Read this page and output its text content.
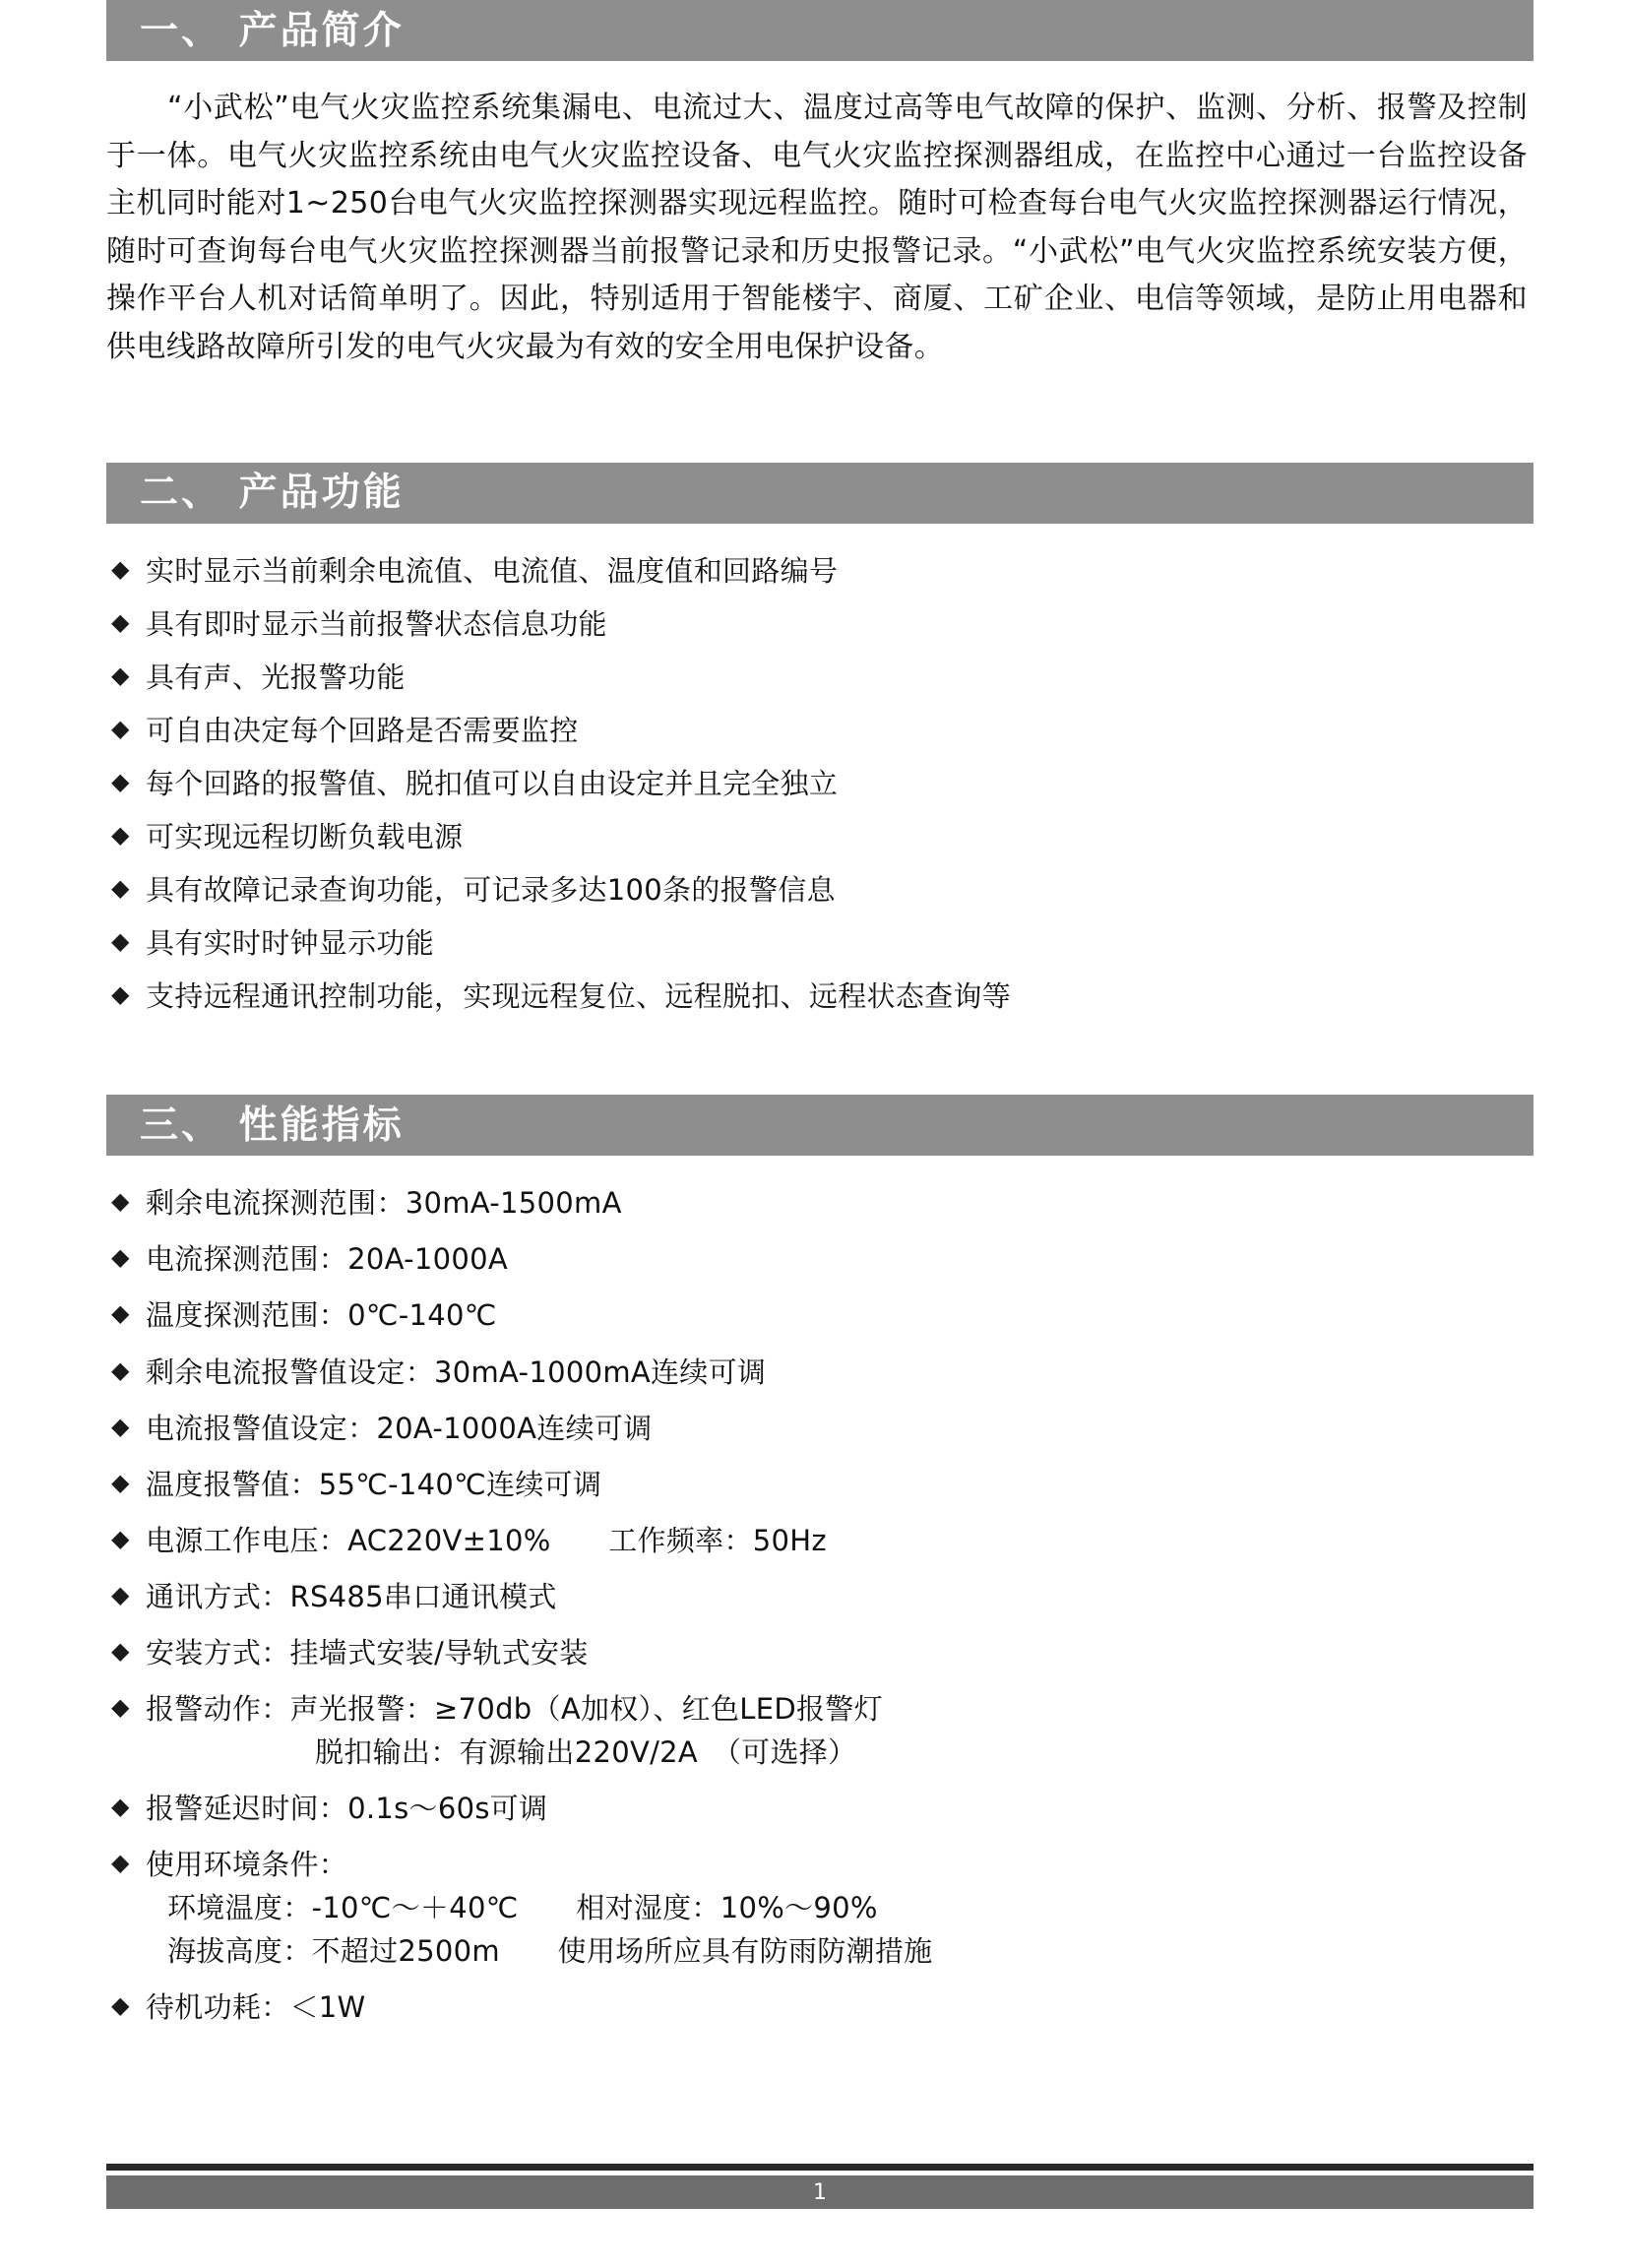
一、 产品简介

“小武松”电气火灾监控系统集漏电、电流过大、温度过高等电气故障的保护、监测、分析、报警及控制于一体。电气火灾监控系统由电气火灾监控设备、电气火灾监控探测器组成，在监控中心通过一台监控设备主机同时能对1~250台电气火灾监控探测器实现远程监控。随时可检查每台电气火灾监控探测器运行情况，随时可查询每台电气火灾监控探测器当前报警记录和历史报警记录。“小武松”电气火灾监控系统安装方便，操作平台人机对话简单明了。因此，特别适用于智能楼宇、商厦、工矿企业、电信等领域，是防止用电器和供电线路故障所引发的电气火灾最为有效的安全用电保护设备。

二、 产品功能
◆ 实时显示当前剩余电流值、电流值、温度值和回路编号
◆ 具有即时显示当前报警状态信息功能
◆ 具有声、光报警功能
◆ 可自由决定每个回路是否需要监控
◆ 每个回路的报警值、脱扣值可以自由设定并且完全独立
◆ 可实现远程切断负载电源
◆ 具有故障记录查询功能，可记录多达100条的报警信息
◆ 具有实时时钟显示功能
◆ 支持远程通讯控制功能，实现远程复位、远程脱扣、远程状态查询等
三、 性能指标
◆ 剩余电流探测范围：30mA-1500mA
◆ 电流探测范围：20A-1000A
◆ 温度探测范围：0℃-140℃
◆ 剩余电流报警值设定：30mA-1000mA连续可调
◆ 电流报警值设定：20A-1000A连续可调
◆ 温度报警值：55℃-140℃连续可调
◆ 电源工作电压：AC220V±10%　　工作频率：50Hz
◆ 通讯方式：RS485串口通讯模式
◆ 安装方式：挂墙式安装/导轨式安装
◆ 报警动作：声光报警：≥70db（A加权）、红色LED报警灯
脱扣输出：有源输出220V/2A　（可选择）
◆ 报警延迟时间：0.1s～60s可调
◆ 使用环境条件：
环境温度：-10℃～＋40℃　　相对湿度：10%～90%
海拔高度：不超过2500m　　使用场所应具有防雨防潮措施
◆ 待机功耗：＜1W
1
